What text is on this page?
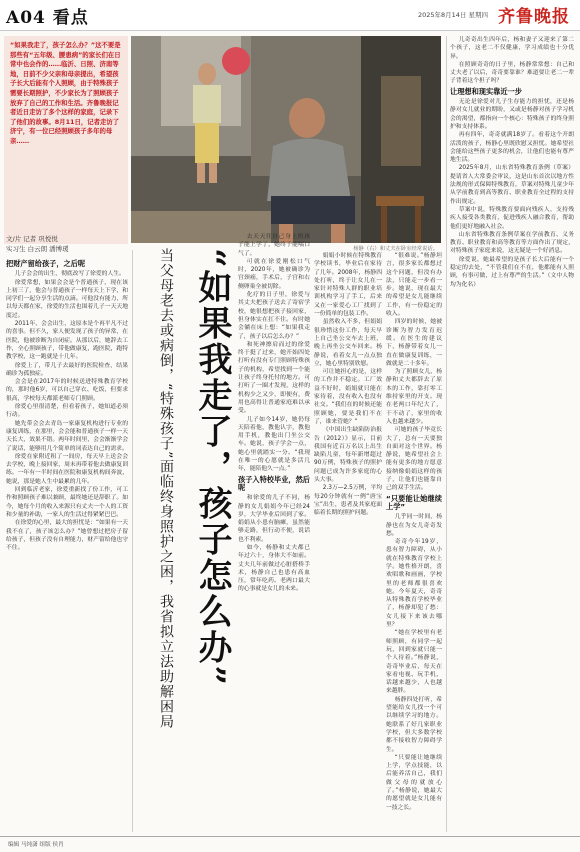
A04 看点	2025年8月14日 星期四 齐鲁晚报

“如果我走了，孩子怎么办？”这不要是那些有“五年级、腰患病”的家长们在日常中也会作的……临沂、日照、济南等地，日前不少父亲和母亲提出，希望孩子长大后能有个人照顾，由于特殊孩子需要长期照护，不少家长为了照顾孩子放弃了自己的工作和生活。齐鲁晚报记者近日走访了多个这样的家庭，记录下了他们的故事。8月11日，记者走访了济宁，有一位已经照顾孩子多年的母亲……

杨静（右）和丈夫在卧室经常说话。
文/片 记者 巩悦悦
实习生 白云朗 潘博瑗
把财产留给孩子，之后呢

儿子会会的出生，彻底改写了徐爱的人生。

徐爱常想，如果会会是个普通孩子，现在该上初三了，他会与普通孩子一样每天上下学，和同学们一起分享生活的点滴。可他没有能力，所以每天都在家，徐爱的生活也围着儿子一天天地度过。

2011年，会会出生，这原本是个再平凡不过的喜事。但不久，家人便发现了孩子的异常，在医院，他被诊断为自闭症。从那以后，她辞去工作，全心照顾孩子，带他做康复，跑医院，跑特教学校，这一跑就是十几年。

徐爱上了，带儿子去最好的医院检查，结果确诊为孤独症。

会会是在2017年的时候送进特殊教育学校的，那时他6岁，可以自己穿衣、吃饭，但要求很高，学校每天都派老师专门照顾。

徐爱心里很清楚，但看着孩子，她知道必须行动。

她先带会会去青岛一家康复机构进行专业的康复训练，在那里，会会能和普通孩子一样一天天长大，效果不错。两年时间里，会会渐渐学会了说话，能够用几个简单的词表达自己的需求。

徐爱在家附近租了一间房，每天早上送会会去学校，晚上接回家，周末再带着他去做康复训练。一年有一半时间在医院和康复机构间奔波，她说，那是她人生中最累的几年。

回到临沂老家，徐爱重新找了份工作，可工作和照顾孩子难以兼顾，最终她还是辞职了。如今，她每个月的收入来源只有丈夫一个人的工资和少量的补助，一家人的生活过得紧紧巴巴。

在徐爱的心里，最大的担忧是：“如果有一天我不在了，孩子该怎么办？”她曾想过把房子留给孩子，但孩子没有自理能力，财产留给他也守不住。	当父母老去或病倒，“特殊孩子”面临终身照护之困，我省拟立法助解困局 “如果我走了，孩子怎么办”

去天天往自己身上的孩子能上学了，她终于能喘口气了。

可就在徐爱刚松口气时，2020年，她被确诊为宫颈癌，手术后，子宫和右侧卵巢全被切除。

化疗的日子里，徐爱与其丈夫把孩子送去了寄宿学校，她很想把孩子接回家，但身体实在扛不住。有时她会躺在床上想：“如果我走了，孩子以后怎么办？”

和死神擦肩而过的徐爱终于挺了过来，她开始四处打听有没有专门照顾特殊孩子的机构，希望找到一个能让孩子终身托付的地方。可打听了一圈才发现，这样的机构少之又少，即便有，费用也高得让普通家庭难以承受。

儿子如今14岁，她仍每天陪着他，教他认字，教他用手机，教他出门坐公交车。她说，孩子学会一点，她心里就踏实一分。“我现在唯一的心愿就是多活几年，能陪他久一点。”

孩子入特校毕业，然后呢

和徐爱的儿子不同，杨静的女儿娟娟今年已经24岁，大学毕业后回到了家。娟娟从小患有脑瘫，虽然能够走路，但行动不便，说话也不利索。

如今，杨静和丈夫都已年过六十，身体大不如前。丈夫几年前做过心脏搭桥手术，杨静自己也患有高血压，常年吃药。老两口最大的心事就是女儿的未来。

娟娟小时候在特殊教育学校读书，毕业后在家待了几年。2008年，杨静四处打听，终于让女儿在一家针对特殊人群的职业培训机构学习了手工，后来又在一家爱心工厂找到了一份简单的包装工作。

虽然收入不多，但娟娟很珍惜这份工作，每天早上自己坐公交车去上班，晚上再坐公交车回来。杨静说，看着女儿一点点独立，她心里特别欣慰。

可让她担心的是，这样的工作并不稳定。工厂效益不好时，娟娟就只能在家待着，没有收入也没有社交。“我们在的时候还能照顾她，要是我们不在了，谁来管她？”

《中国出生缺陷防治报告（2012）》显示，目前我国有近百万名以上出生缺陷儿童，每年新增超过90万例，特殊孩子的照护问题已成为许多家庭的心头大事。

2.3万—2.5万例，平均每20分钟就有一例“唐宝宝”出生，患者及其家庭面临着长期的照护问题。

“很难说。”杨静坦言，很多家长都想过这个问题，但没有办法，只能走一步看一步。她说，现在最大的希望是女儿能继续工作，有一份稳定的收入。

四岁的时候，她被诊断为智力发育迟缓。在医生的建议下，杨静带着女儿一直在做康复训练，一做就是二十多年。

为了照顾女儿，杨静和丈夫都辞去了原本的工作，靠打零工维持家里的开支。现在老两口年纪大了，干不动了，家里的收入也越来越少。

可她的孩子毕竟长大了，总有一天要独自面对这个世界。杨静说，她希望社会上能有更多的地方愿意接纳像娟娟这样的孩子，让他们也能靠自己的双手生活。

“只要能让她继续上学”

几乎同一时间，杨静也在为女儿奇奇发愁。

奇奇今年19岁，患有智力障碍，从小就在特殊教育学校上学。她性格开朗，喜欢唱歌和画画，学校里的老师都很喜欢她。今年夏天，奇奇从特殊教育学校毕业了，杨静却犯了愁：女儿接下来该去哪里？

“她在学校里有老师照顾，有同学一起玩，回到家就只能一个人待着。”杨静说，奇奇毕业后，每天在家看电视、玩手机，话越来越少，人也越来越胖。

杨静四处打听，希望能给女儿找一个可以继续学习的地方。她联系了好几家职业学校，但大多数学校都不接收智力障碍学生。

“只要能让她继续上学，学点技能，以后能养活自己，我们做父母的就放心了。”杨静说，她最大的愿望就是女儿能有一技之长。

儿奇奇出生四年后，杨和妻子又迎来了第二个孩子，这老二不仅健康，学习成绩也十分优异。

在照顾奇奇的日子里，杨静常常想：自己和丈夫老了以后，奇奇要靠谁？难道要让老二一辈子背着这个担子吗？

让理想和现实靠近一步

无论是徐爱对儿子生存能力的担忧，还是杨静对女儿就业的期盼，又或是杨静对孩子学习机会的渴望，都指向一个核心：特殊孩子的终身照护和支持体系。

再有四年，奇奇就满18岁了。看着这个开朗活泼的孩子，杨静心里既欣慰又担忧。她希望社会能给这些孩子更多的机会，让他们也能有尊严地生活。

2025年8月，山东省特殊教育条例（草案）提请省人大常委会审议，这是山东首次以地方性法规的形式保障特殊教育，草案对特殊儿童少年从学前教育到高等教育、职业教育全过程的支持作出规定。

草案中说，特殊教育要面向残疾人，支持残疾人接受各类教育，促进残疾人融合教育，帮助他们更好地融入社会。

山东省特殊教育条例草案在学前教育、义务教育、职业教育和高等教育等方面作出了规定，对特殊孩子家庭来说，这无疑是一个好消息。

徐爱说，她最希望的是孩子长大后能有一个稳定的去处，“不管我们在不在，他都能有人照顾，有事可做，过上有尊严的生活。”（文中人物均为化名）

编辑 马纯潇 组版 侯肖
